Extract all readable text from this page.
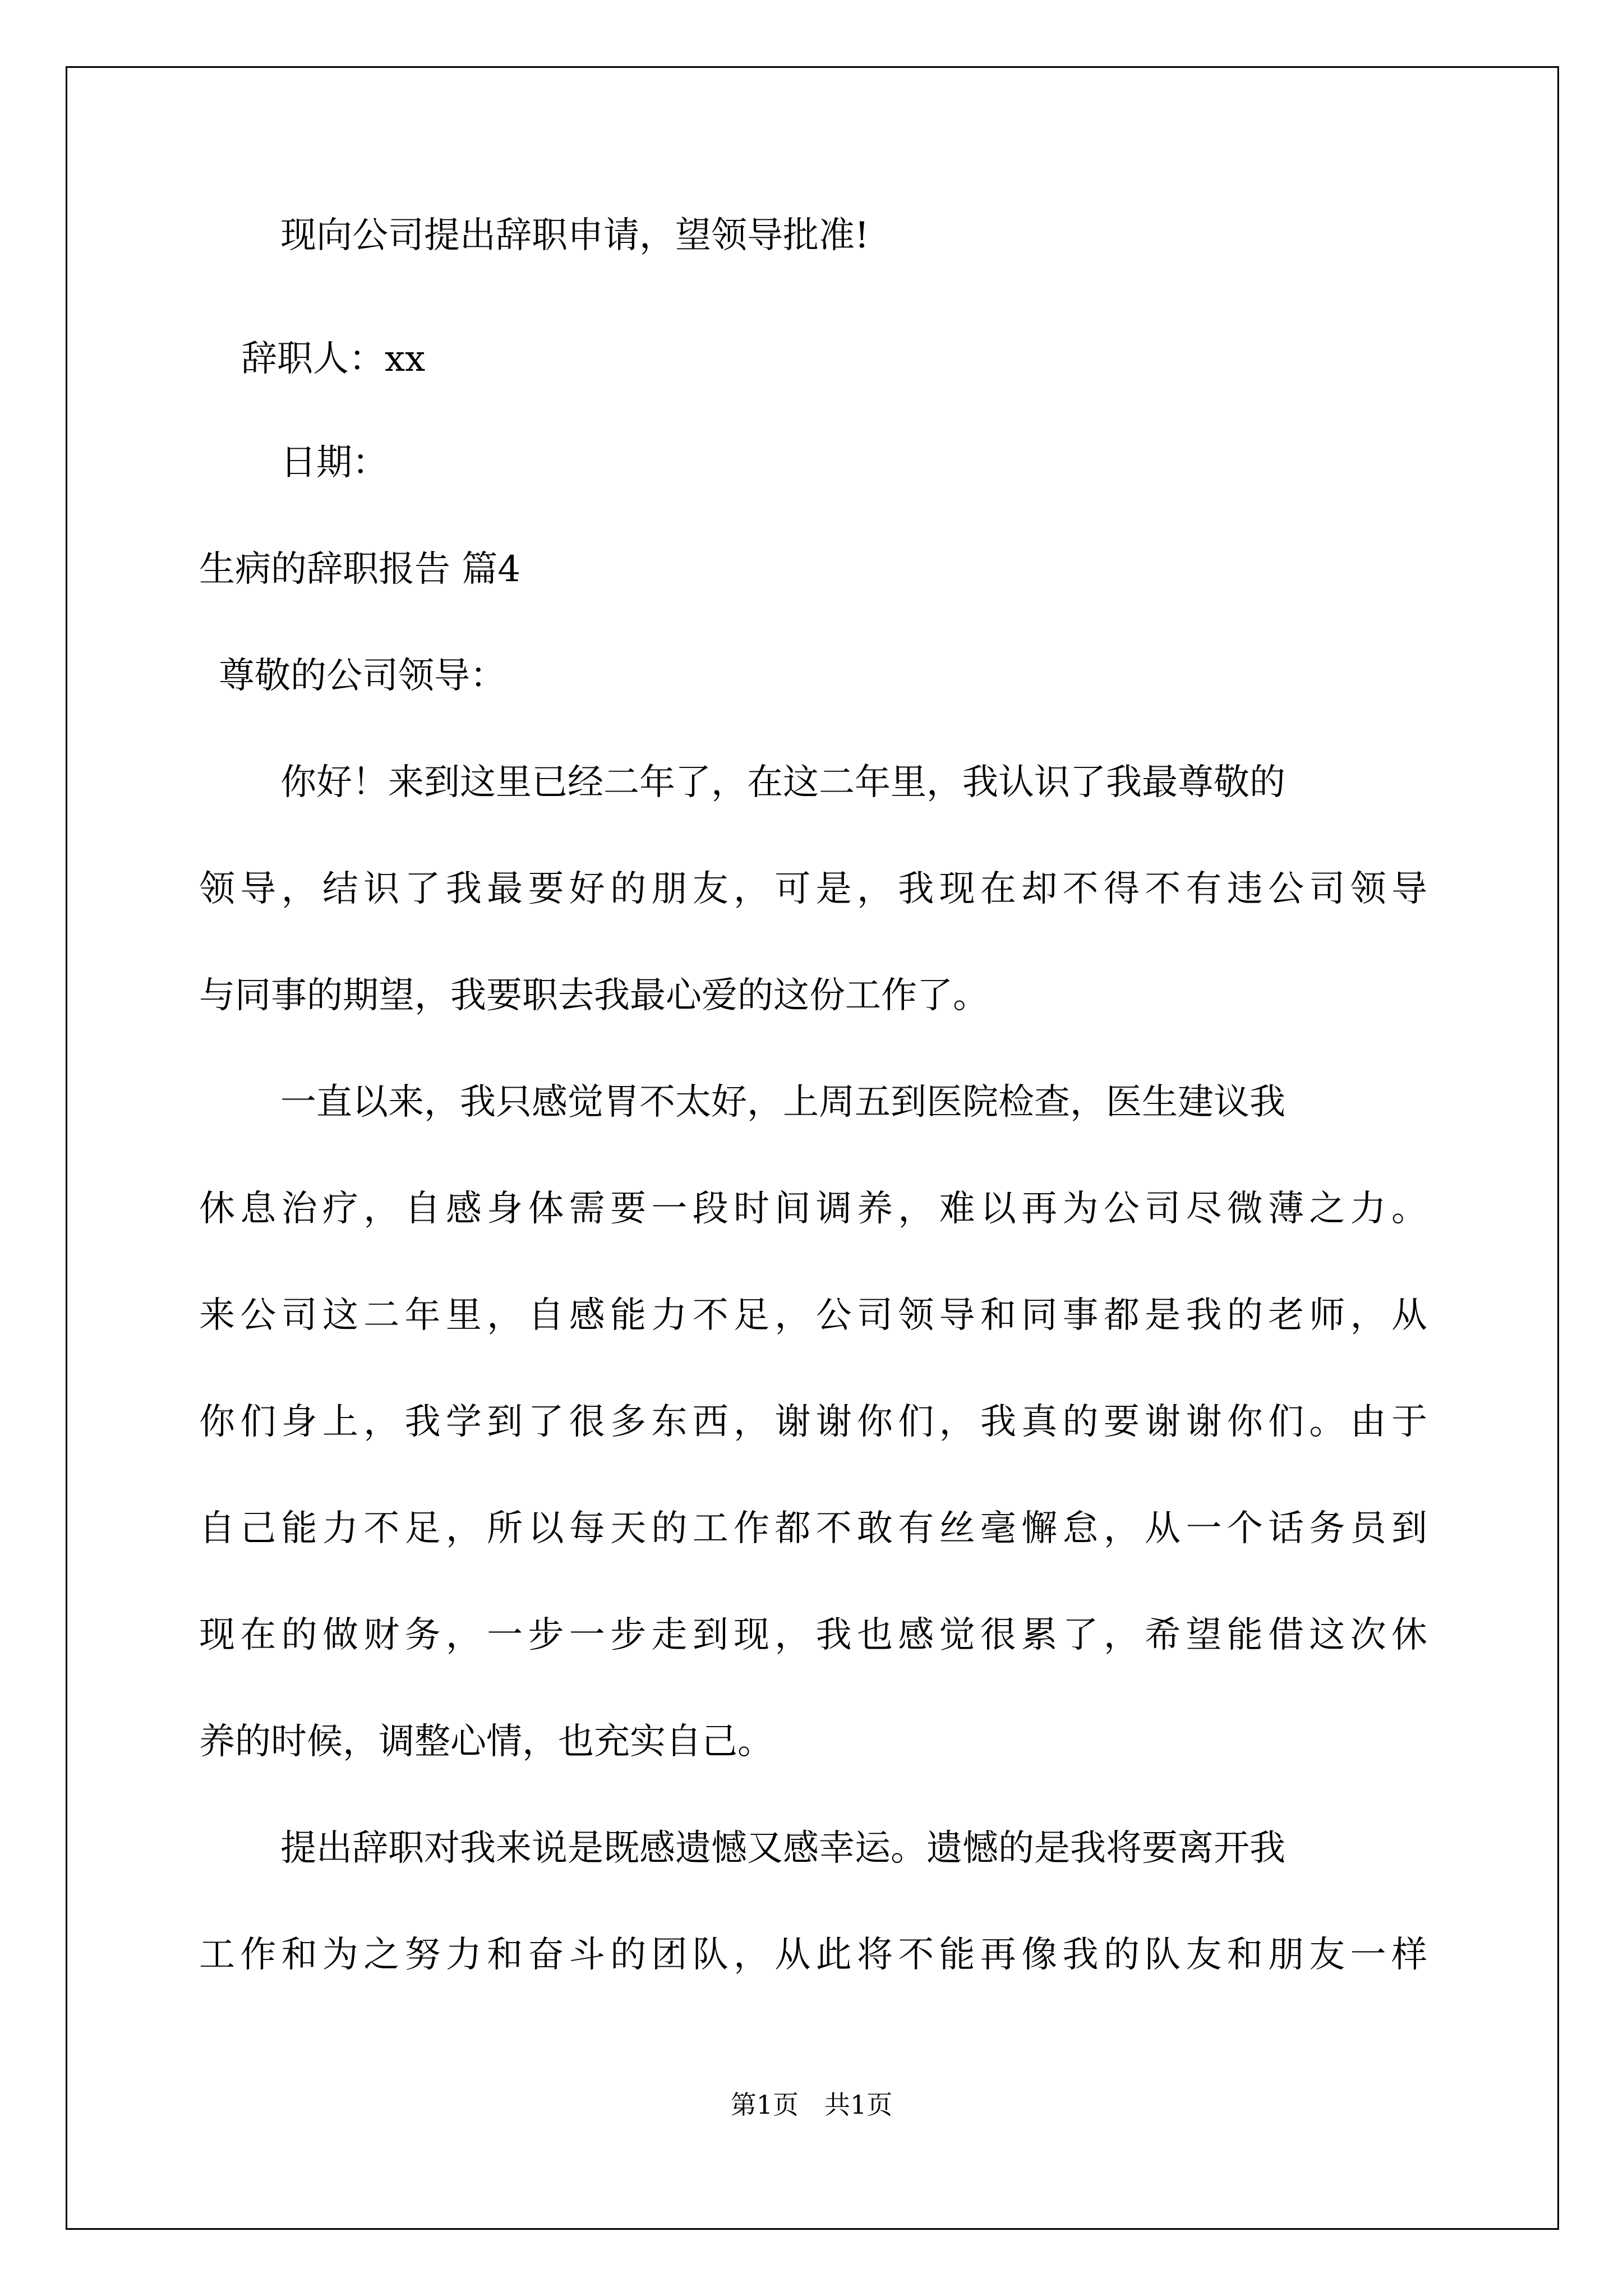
现向公司提出辞职申请，望领导批准!
辞职人：xx
日期：
生病的辞职报告 篇4
尊敬的公司领导：
你好！来到这里已经二年了，在这二年里，我认识了我最尊敬的
领导，结识了我最要好的朋友，可是，我现在却不得不有违公司领导
与同事的期望，我要职去我最心爱的这份工作了。
一直以来，我只感觉胃不太好，上周五到医院检查，医生建议我
休息治疗，自感身体需要一段时间调养，难以再为公司尽微薄之力。
来公司这二年里，自感能力不足，公司领导和同事都是我的老师，从
你们身上，我学到了很多东西，谢谢你们，我真的要谢谢你们。由于
自己能力不足，所以每天的工作都不敢有丝毫懈怠，从一个话务员到
现在的做财务，一步一步走到现，我也感觉很累了，希望能借这次休
养的时候，调整心情，也充实自己。
提出辞职对我来说是既感遗憾又感幸运。遗憾的是我将要离开我
工作和为之努力和奋斗的团队，从此将不能再像我的队友和朋友一样
第1页　共1页
